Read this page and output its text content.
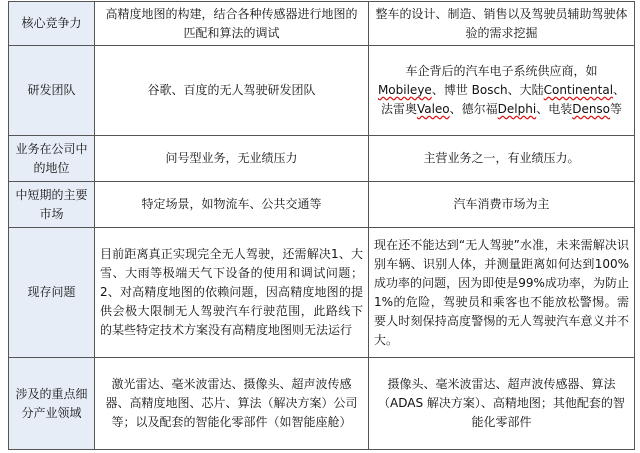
核心竞争力	高精度地图的构建，结合各种传感器进行地图的匹配和算法的调试	整车的设计、制造、销售以及驾驶员辅助驾驶体验的需求挖掘
研发团队	谷歌、百度的无人驾驶研发团队	车企背后的汽车电子系统供应商，如Mobileye、博世 Bosch、大陆Continental、法雷奥Valeo、德尔福Delphi、电装Denso等
业务在公司中的地位	问号型业务，无业绩压力	主营业务之一，有业绩压力。
中短期的主要市场	特定场景，如物流车、公共交通等	汽车消费市场为主
现存问题	目前距离真正实现完全无人驾驶，还需解决1、大雪、大雨等极端天气下设备的使用和调试问题；2、对高精度地图的依赖问题，因高精度地图的提供会极大限制无人驾驶汽车行驶范围，此路线下的某些特定技术方案没有高精度地图则无法运行	现在还不能达到“无人驾驶”水准，未来需解决识别车辆、识别人体，并测量距离如何达到100%成功率的问题，因为即使是99%成功率，为防止 1%的危险，驾驶员和乘客也不能放松警惕。需要人时刻保持高度警惕的无人驾驶汽车意义并不大。
涉及的重点细分产业领域	激光雷达、毫米波雷达、摄像头、超声波传感器、高精度地图、芯片、算法（解决方案）公司等；以及配套的智能化零部件（如智能座舱）	摄像头、毫米波雷达、超声波传感器、算法（ADAS 解决方案）、高精地图；其他配套的智能化零部件
